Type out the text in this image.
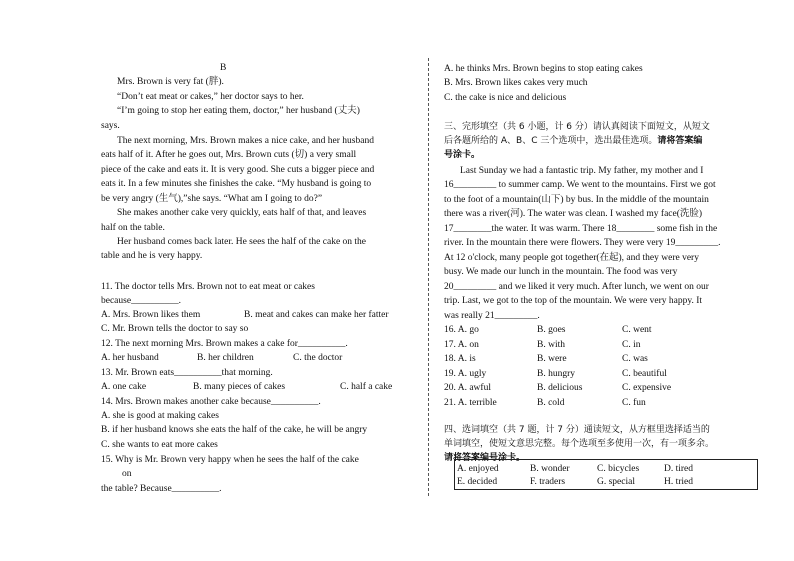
B
Mrs. Brown is very fat (胖).
“Don’t eat meat or cakes,” her doctor says to her.
“I’m going to stop her eating them, doctor,” her husband (丈夫)
says.
The next morning, Mrs. Brown makes a nice cake, and her husband
eats half of it. After he goes out, Mrs. Brown cuts (切) a very small
piece of the cake and eats it. It is very good. She cuts a bigger piece and
eats it. In a few minutes she finishes the cake. “My husband is going to
be very angry (生气),”she says. “What am I going to do?”
She makes another cake very quickly, eats half of that, and leaves
half on the table.
Her husband comes back later. He sees the half of the cake on the
table and he is very happy.
11. The doctor tells Mrs. Brown not to eat meat or cakes
because__________.
A. Mrs. Brown likes them	B. meat and cakes can make her fatter
C. Mr. Brown tells the doctor to say so
12. The next morning Mrs. Brown makes a cake for__________.
A. her husband	B. her children	C. the doctor
13. Mr. Brown eats__________that morning.
A. one cake	B. many pieces of cakes	C. half a cake
14. Mrs. Brown makes another cake because__________.
A. she is good at making cakes
B. if her husband knows she eats the half of the cake, he will be angry
C. she wants to eat more cakes
15. Why is Mr. Brown very happy when he sees the half of the cake
on
the table? Because__________.
A. he thinks Mrs. Brown begins to stop eating cakes
B. Mrs. Brown likes cakes very much
C. the cake is nice and delicious
三、完形填空（共 6 小题，计 6 分）请认真阅读下面短文，从短文
后各题所给的 A、B、C 三个选项中，选出最佳选项。请将答案编
号涂卡。
Last Sunday we had a fantastic trip. My father, my mother and I
16_________ to summer camp. We went to the mountains. First we got
to the foot of a mountain(山下) by bus. In the middle of the mountain
there was a river(河). The water was clean. I washed my face(洗脸)
17________the water. It was warm. There 18________ some fish in the
river. In the mountain there were flowers. They were very 19_________.
At 12 o'clock, many people got together(在起), and they were very
busy. We made our lunch in the mountain. The food was very
20_________ and we liked it very much. After lunch, we went on our
trip. Last, we got to the top of the mountain. We were very happy. It
was really 21_________.
16. A. go	B. goes	C. went
17. A. on	B. with	C. in
18. A. is	B. were	C. was
19. A. ugly	B. hungry	C. beautiful
20. A. awful	B. delicious	C. expensive
21. A. terrible	B. cold	C. fun
四、选词填空（共 7 题，计 7 分）通读短文，从方框里选择适当的
单词填空，使短文意思完整。每个选项至多使用一次，有一项多余。
请将答案编号涂卡。
A. enjoyed	B. wonder	C. bicycles	D. tired
E. decided	F. traders	G. special	H. tried
